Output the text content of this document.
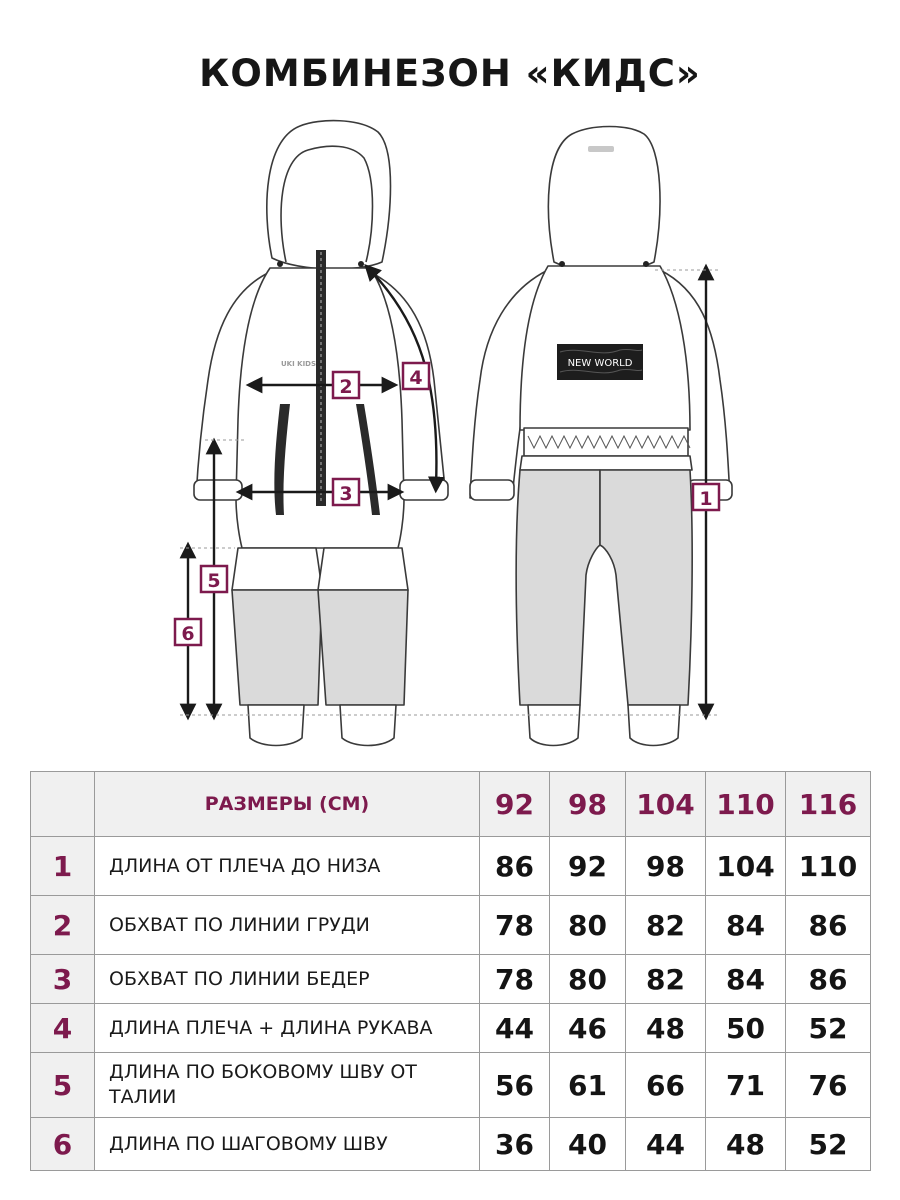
КОМБИНЕЗОН «КИДС»
UKI KIDS	NEW WORLD
2
3
4
1
5
6
	РАЗМЕРЫ (СМ)	92	98	104	110	116
1	ДЛИНА ОТ ПЛЕЧА ДО НИЗА	86	92	98	104	110
2	ОБХВАТ ПО ЛИНИИ ГРУДИ	78	80	82	84	86
3	ОБХВАТ ПО ЛИНИИ БЕДЕР	78	80	82	84	86
4	ДЛИНА ПЛЕЧА + ДЛИНА РУКАВА	44	46	48	50	52
5	ДЛИНА ПО БОКОВОМУ ШВУ ОТ ТАЛИИ	56	61	66	71	76
6	ДЛИНА ПО ШАГОВОМУ ШВУ	36	40	44	48	52
